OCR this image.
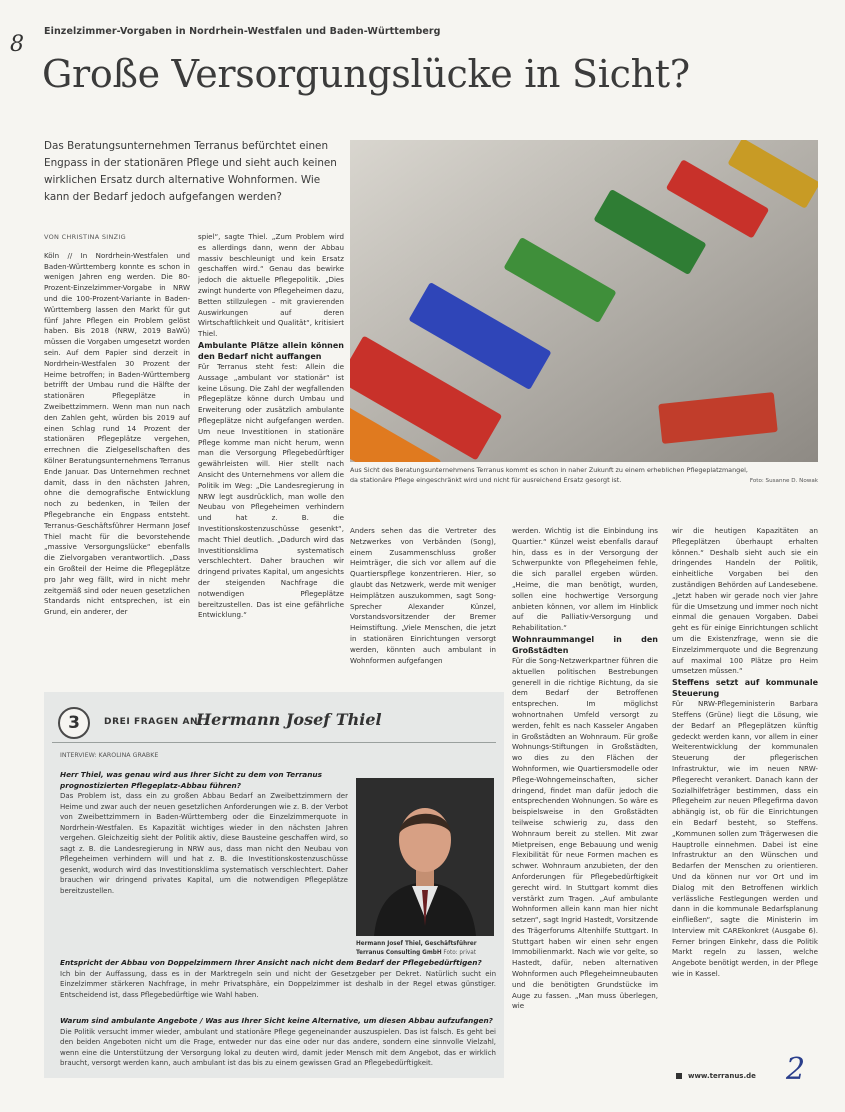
Einzelzimmer-Vorgaben in Nordrhein-Westfalen und Baden-Württemberg
8
Große Versorgungslücke in Sicht?
Das Beratungsunternehmen Terranus befürchtet einen Engpass in der stationären Pflege und sieht auch keinen wirklichen Ersatz durch alternative Wohnformen. Wie kann der Bedarf jedoch aufgefangen werden?

VON CHRISTINA SINZIG

Köln // In Nordrhein-Westfalen und Baden-Württemberg konnte es schon in wenigen Jahren eng werden. Die 80-Prozent-Einzelzimmer-Vorgabe in NRW und die 100-Prozent-Variante in Baden-Württemberg lassen den Markt für gut fünf Jahre Pflegen ein Problem gelöst haben. Bis 2018 (NRW, 2019 BaWü) müssen die Vorgaben umgesetzt worden sein. Auf dem Papier sind derzeit in Nordrhein-Westfalen 30 Prozent der Heime betroffen; in Baden-Württemberg betrifft der Umbau rund die Hälfte der stationären Pflegeplätze in Zweibettzimmern. Wenn man nun nach den Zahlen geht, würden bis 2019 auf einen Schlag rund 14 Prozent der stationären Pflegeplätze vergehen, errechnen die Zielgesellschaften des Kölner Beratungsunternehmens Terranus Ende Januar. Das Unternehmen rechnet damit, dass in den nächsten Jahren, ohne die demografische Entwicklung noch zu bedenken, in Teilen der Pflegebranche ein Engpass entsteht. Terranus-Geschäftsführer Hermann Josef Thiel macht für die bevorstehende „massive Versorgungslücke“ ebenfalls die Zielvorgaben verantwortlich. „Dass ein Großteil der Heime die Pflegeplätze pro Jahr weg fällt, wird in nicht mehr zeitgemäß sind oder neuen gesetzlichen Standards nicht entsprechen, ist ein Grund, ein anderer, der

spiel“, sagte Thiel. „Zum Problem wird es allerdings dann, wenn der Abbau massiv beschleunigt und kein Ersatz geschaffen wird.“ Genau das bewirke jedoch die aktuelle Pflegepolitik. „Dies zwingt hunderte von Pflegeheimen dazu, Betten stillzulegen – mit gravierenden Auswirkungen auf deren Wirtschaftlichkeit und Qualität“, kritisiert Thiel.

Ambulante Plätze allein können den Bedarf nicht auffangen

Für Terranus steht fest: Allein die Aussage „ambulant vor stationär“ ist keine Lösung. Die Zahl der wegfallenden Pflegeplätze könne durch Umbau und Erweiterung oder zusätzlich ambulante Pflegeplätze nicht aufgefangen werden. Um neue Investitionen in stationäre Pflege komme man nicht herum, wenn man die Versorgung Pflegebedürftiger gewährleisten will. Hier stellt nach Ansicht des Unternehmens vor allem die Politik im Weg: „Die Landesregierung in NRW legt ausdrücklich, man wolle den Neubau von Pflegeheimen verhindern und hat z. B. die Investitionskostenzuschüsse gesenkt“, macht Thiel deutlich. „Dadurch wird das Investitionsklima systematisch verschlechtert. Daher brauchen wir dringend privates Kapital, um angesichts der steigenden Nachfrage die notwendigen Pflegeplätze bereitzustellen. Das ist eine gefährliche Entwicklung.“

Aus Sicht des Beratungsunternehmens Terranus kommt es schon in naher Zukunft zu einem erheblichen Pflegeplatzmangel,
da stationäre Pflege eingeschränkt wird und nicht für ausreichend Ersatz gesorgt ist.	Foto: Susanne D. Nowak

Anders sehen das die Vertreter des Netzwerkes von Verbänden (Song), einem Zusammenschluss großer Heimträger, die sich vor allem auf die Quartierspflege konzentrieren. Hier, so glaubt das Netzwerk, werde mit weniger Heimplätzen auszukommen, sagt Song-Sprecher Alexander Künzel, Vorstandsvorsitzender der Bremer Heimstiftung. „Viele Menschen, die jetzt in stationären Einrichtungen versorgt werden, könnten auch ambulant in Wohnformen aufgefangen

werden. Wichtig ist die Einbindung ins Quartier.“ Künzel weist ebenfalls darauf hin, dass es in der Versorgung der Schwerpunkte von Pflegeheimen fehle, die sich parallel ergeben würden. „Heime, die man benötigt, wurden, sollen eine hochwertige Versorgung anbieten können, vor allem im Hinblick auf die Palliativ-Versorgung und Rehabilitation.“

Wohnraummangel in den Großstädten

Für die Song-Netzwerkpartner führen die aktuellen politischen Bestrebungen generell in die richtige Richtung, da sie dem Bedarf der Betroffenen entsprechen. Im möglichst wohnortnahen Umfeld versorgt zu werden, fehlt es nach Kasseler Angaben in Großstädten an Wohnraum. Für große Wohnungs-Stiftungen in Großstädten, wo dies zu den Flächen der Wohnformen, wie Quartiersmodelle oder Pflege-Wohngemeinschaften, sicher dringend, findet man dafür jedoch die entsprechenden Wohnungen. So wäre es beispielsweise in den Großstädten teilweise schwierig zu, dass den Wohnraum bereit zu stellen. Mit zwar Mietpreisen, enge Bebauung und wenig Flexibilität für neue Formen machen es schwer. Wohnraum anzubieten, der den Anforderungen für Pflegebedürftigkeit gerecht wird. In Stuttgart kommt dies verstärkt zum Tragen. „Auf ambulante Wohnformen allein kann man hier nicht setzen“, sagt Ingrid Hastedt, Vorsitzende des Trägerforums Altenhilfe Stuttgart. In Stuttgart haben wir einen sehr engen Immobilienmarkt. Nach wie vor gelte, so Hastedt, dafür, neben alternativen Wohnformen auch Pflegeheimneubauten und die benötigten Grundstücke im Auge zu fassen. „Man muss überlegen, wie

wir die heutigen Kapazitäten an Pflegeplätzen überhaupt erhalten können.“ Deshalb sieht auch sie ein dringendes Handeln der Politik, einheitliche Vorgaben bei den zuständigen Behörden auf Landesebene. „Jetzt haben wir gerade noch vier Jahre für die Umsetzung und immer noch nicht einmal die genauen Vorgaben. Dabei geht es für einige Einrichtungen schlicht um die Existenzfrage, wenn sie die Einzelzimmerquote und die Begrenzung auf maximal 100 Plätze pro Heim umsetzen müssen.“

Steffens setzt auf kommunale Steuerung

Für NRW-Pflegeministerin Barbara Steffens (Grüne) liegt die Lösung, wie der Bedarf an Pflegeplätzen künftig gedeckt werden kann, vor allem in einer Weiterentwicklung der kommunalen Steuerung der pflegerischen Infrastruktur, wie im neuen NRW-Pflegerecht verankert. Danach kann der Sozialhilfeträger bestimmen, dass ein Pflegeheim zur neuen Pflegefirma davon abhängig ist, ob für die Einrichtungen ein Bedarf besteht, so Steffens. „Kommunen sollen zum Trägerwesen die Hauptrolle einnehmen. Dabei ist eine Infrastruktur an den Wünschen und Bedarfen der Menschen zu orientieren. Und da können nur vor Ort und im Dialog mit den Betroffenen wirklich verlässliche Festlegungen werden und dann in die kommunale Bedarfsplanung einfließen“, sagte die Ministerin im Interview mit CAREkonkret (Ausgabe 6). Ferner bringen Einkehr, dass die Politik Markt regeln zu lassen, welche Angebote benötigt werden, in der Pflege wie in Kassel.

3	DREI FRAGEN AN:
Hermann Josef Thiel
INTERVIEW: KAROLINA GRABKE
Herr Thiel, was genau wird aus Ihrer Sicht zu dem von Terranus prognostizierten Pflegeplatz-Abbau führen?
Das Problem ist, dass ein zu großen Abbau Bedarf an Zweibettzimmern der Heime und zwar auch der neuen gesetzlichen Anforderungen wie z. B. der Verbot von Zweibettzimmern in Baden-Württemberg oder die Einzelzimmerquote in Nordrhein-Westfalen. Es Kapazität wichtiges wieder in den nächsten Jahren vergehen. Gleichzeitig sieht der Politik aktiv, diese Bausteine geschaffen wird, so sagt z. B. die Landesregierung in NRW aus, dass man nicht den Neubau von Pflegeheimen verhindern will und hat z. B. die Investitionskostenzuschüsse gesenkt, wodurch wird das Investitionsklima systematisch verschlechtert. Daher brauchen wir dringend privates Kapital, um die notwendigen Pflegeplätze bereitzustellen.
Hermann Josef Thiel, Geschäftsführer
Terranus Consulting GmbH Foto: privat
Entspricht der Abbau von Doppelzimmern Ihrer Ansicht nach nicht dem Bedarf der Pflegebedürftigen?
Ich bin der Auffassung, dass es in der Marktregeln sein und nicht der Gesetzgeber per Dekret. Natürlich sucht ein Einzelzimmer stärkeren Nachfrage, in mehr Privatsphäre, ein Doppelzimmer ist deshalb in der Regel etwas günstiger. Entscheidend ist, dass Pflegebedürftige wie Wahl haben.
Warum sind ambulante Angebote / Was aus Ihrer Sicht keine Alternative, um diesen Abbau aufzufangen?
Die Politik versucht immer wieder, ambulant und stationäre Pflege gegeneinander auszuspielen. Das ist falsch. Es geht bei den beiden Angeboten nicht um die Frage, entweder nur das eine oder nur das andere, sondern eine sinnvolle Vielzahl, wenn eine die Unterstützung der Versorgung lokal zu deuten wird, damit jeder Mensch mit dem Angebot, das er wirklich braucht, versorgt werden kann, auch ambulant ist das bis zu einem gewissen Grad an Pflegebedürftigkeit.
www.terranus.de 2
